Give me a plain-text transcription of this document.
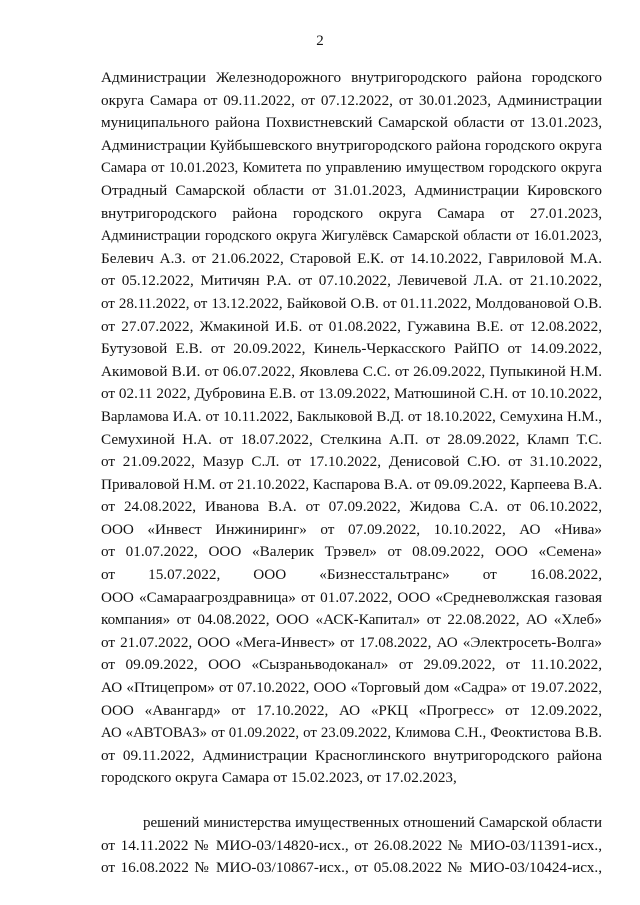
2
Администрации Железнодорожного внутригородского района городского
округа Самара от 09.11.2022, от 07.12.2022, от 30.01.2023, Администрации
муниципального района Похвистневский Самарской области от 13.01.2023,
Администрации Куйбышевского внутригородского района городского округа
Самара от 10.01.2023, Комитета по управлению имуществом городского округа
Отрадный Самарской области от 31.01.2023, Администрации Кировского
внутригородского района городского округа Самара от 27.01.2023,
Администрации городского округа Жигулёвск Самарской области от 16.01.2023,
Белевич А.З. от 21.06.2022, Старовой Е.К. от 14.10.2022, Гавриловой М.А.
от 05.12.2022, Митичян Р.А. от 07.10.2022, Левичевой Л.А. от 21.10.2022,
от 28.11.2022, от 13.12.2022, Байковой О.В. от 01.11.2022, Молдовановой О.В.
от 27.07.2022, Жмакиной И.Б. от 01.08.2022, Гужавина В.Е. от 12.08.2022,
Бутузовой Е.В. от 20.09.2022, Кинель-Черкасского РайПО от 14.09.2022,
Акимовой В.И. от 06.07.2022, Яковлева С.С. от 26.09.2022, Пупыкиной Н.М.
от 02.11 2022, Дубровина Е.В. от 13.09.2022, Матюшиной С.Н. от 10.10.2022,
Варламова И.А. от 10.11.2022, Баклыковой В.Д. от 18.10.2022, Семухина Н.М.,
Семухиной Н.А. от 18.07.2022, Стелкина А.П. от 28.09.2022, Кламп Т.С.
от 21.09.2022, Мазур С.Л. от 17.10.2022, Денисовой С.Ю. от 31.10.2022,
Приваловой Н.М. от 21.10.2022, Каспарова В.А. от 09.09.2022, Карпеева В.А.
от 24.08.2022, Иванова В.А. от 07.09.2022, Жидова С.А. от 06.10.2022,
ООО «Инвест Инжиниринг» от 07.09.2022, 10.10.2022, АО «Нива»
от 01.07.2022, ООО «Валерик Трэвел» от 08.09.2022, ООО «Семена»
от 15.07.2022, ООО «Бизнесстальтранс» от 16.08.2022,
ООО «Самараагроздравница» от 01.07.2022, ООО «Средневолжская газовая
компания» от 04.08.2022, ООО «АСК-Капитал» от 22.08.2022, АО «Хлеб»
от 21.07.2022, ООО «Мега-Инвест» от 17.08.2022, АО «Электросеть-Волга»
от 09.09.2022, ООО «Сызраньводоканал» от 29.09.2022, от 11.10.2022,
АО «Птицепром» от 07.10.2022, ООО «Торговый дом «Садра» от 19.07.2022,
ООО «Авангард» от 17.10.2022, АО «РКЦ «Прогресс» от 12.09.2022,
АО «АВТОВАЗ» от 01.09.2022, от 23.09.2022, Климова С.Н., Феоктистова В.В.
от 09.11.2022, Администрации Красноглинского внутригородского района
городского округа Самара от 15.02.2023, от 17.02.2023,
решений министерства имущественных отношений Самарской области
от 14.11.2022 № МИО-03/14820-исх., от 26.08.2022 № МИО-03/11391-исх.,
от 16.08.2022 № МИО-03/10867-исх., от 05.08.2022 № МИО-03/10424-исх.,
